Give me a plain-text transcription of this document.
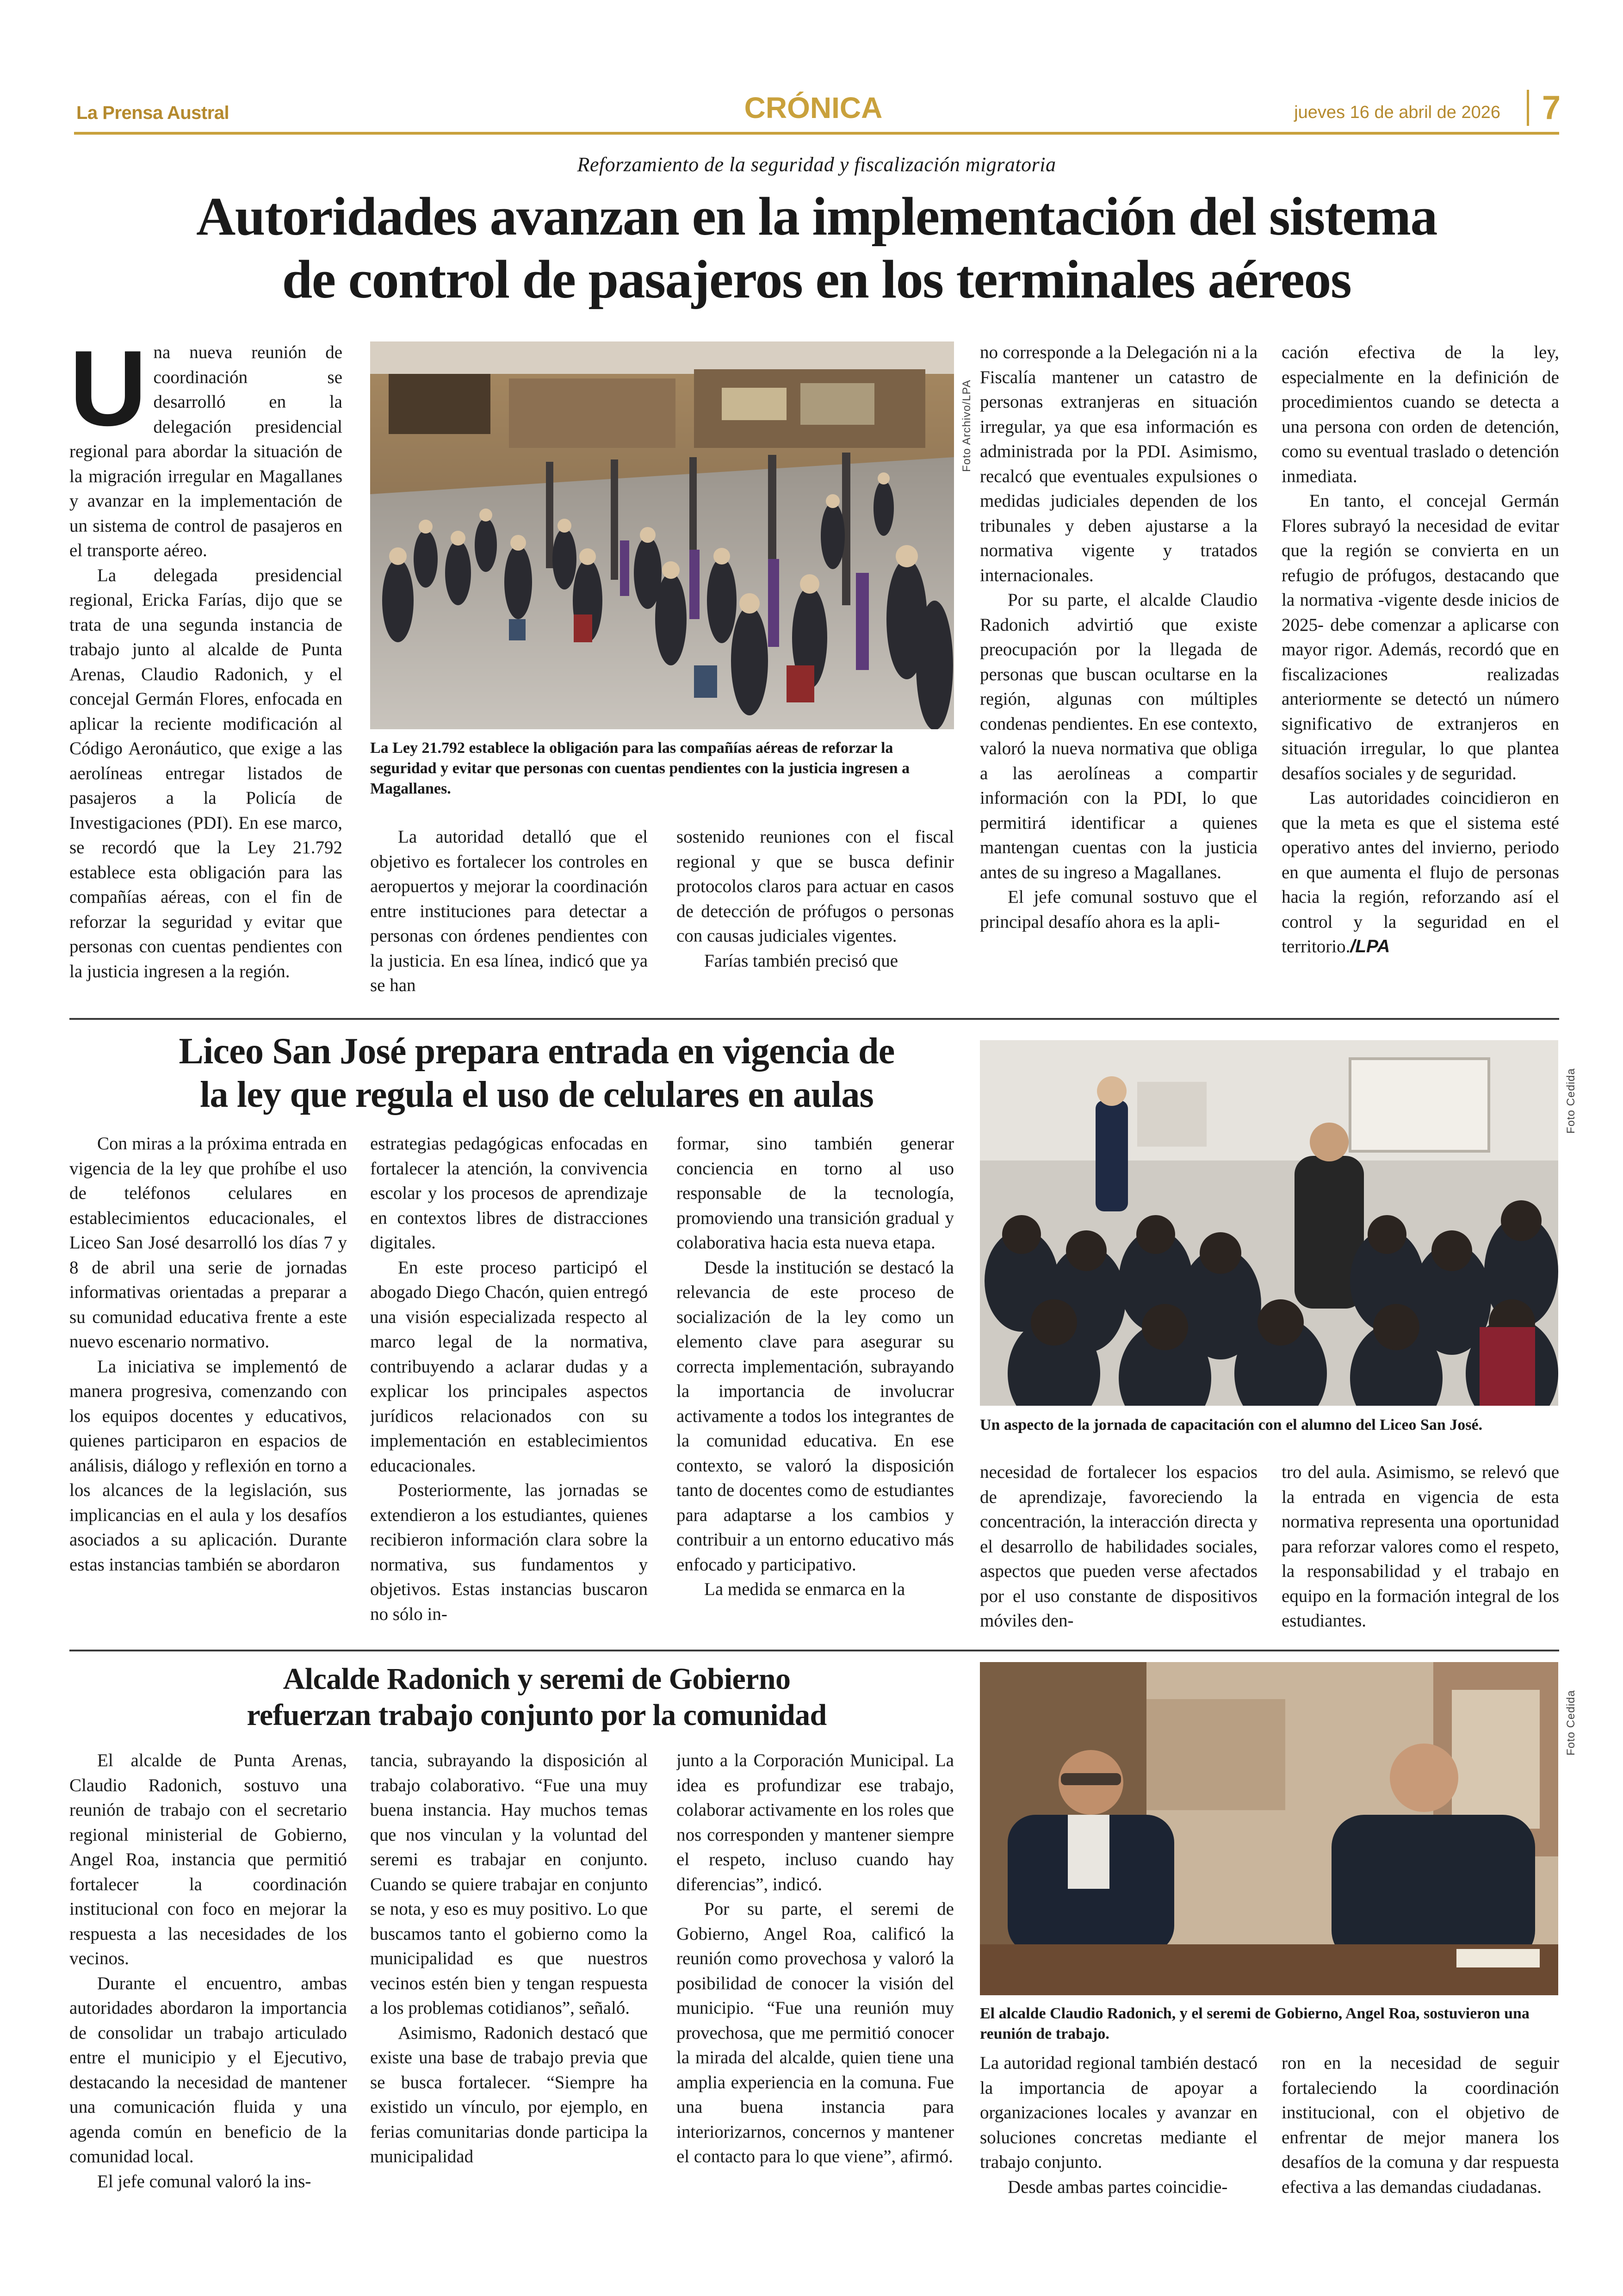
La Prensa Austral	CRÓNICA	jueves 16 de abril de 2026	7
Reforzamiento de la seguridad y fiscalización migratoria
Autoridades avanzan en la implementación del sistema
de control de pasajeros en los terminales aéreos
U na nueva reunión de coordinación se desarrolló en la delegación presidencial regional para abordar la situación de la migración irregular en Magallanes y avanzar en la implementación de un sistema de control de pasajeros en el transporte aéreo.

La delegada presidencial regional, Ericka Farías, dijo que se trata de una segunda instancia de trabajo junto al alcalde de Punta Arenas, Claudio Radonich, y el concejal Germán Flores, enfocada en aplicar la reciente modificación al Código Aeronáutico, que exige a las aerolíneas entregar listados de pasajeros a la Policía de Investigaciones (PDI). En ese marco, se recordó que la Ley 21.792 establece esta obligación para las compañías aéreas, con el fin de reforzar la seguridad y evitar que personas con cuentas pendientes con la justicia ingresen a la región.

Foto Archivo/LPA
La Ley 21.792 establece la obligación para las compañías aéreas de reforzar la seguridad y evitar que personas con cuentas pendientes con la justicia ingresen a Magallanes.

La autoridad detalló que el objetivo es fortalecer los controles en aeropuertos y mejorar la coordinación entre instituciones para detectar a personas con órdenes pendientes con la justicia. En esa línea, indicó que ya se han

sostenido reuniones con el fiscal regional y que se busca definir protocolos claros para actuar en casos de detección de prófugos o personas con causas judiciales vigentes.

Farías también precisó que

no corresponde a la Delegación ni a la Fiscalía mantener un catastro de personas extranjeras en situación irregular, ya que esa información es administrada por la PDI. Asimismo, recalcó que eventuales expulsiones o medidas judiciales dependen de los tribunales y deben ajustarse a la normativa vigente y tratados internacionales.

Por su parte, el alcalde Claudio Radonich advirtió que existe preocupación por la llegada de personas que buscan ocultarse en la región, algunas con múltiples condenas pendientes. En ese contexto, valoró la nueva normativa que obliga a las aerolíneas a compartir información con la PDI, lo que permitirá identificar a quienes mantengan cuentas con la justicia antes de su ingreso a Magallanes.

El jefe comunal sostuvo que el principal desafío ahora es la apli-

cación efectiva de la ley, especialmente en la definición de procedimientos cuando se detecta a una persona con orden de detención, como su eventual traslado o detención inmediata.

En tanto, el concejal Germán Flores subrayó la necesidad de evitar que la región se convierta en un refugio de prófugos, destacando que la normativa -vigente desde inicios de 2025- debe comenzar a aplicarse con mayor rigor. Además, recordó que en fiscalizaciones realizadas anteriormente se detectó un número significativo de extranjeros en situación irregular, lo que plantea desafíos sociales y de seguridad.

Las autoridades coincidieron en que la meta es que el sistema esté operativo antes del invierno, periodo en que aumenta el flujo de personas hacia la región, reforzando así el control y la seguridad en el territorio./LPA

Liceo San José prepara entrada en vigencia de
la ley que regula el uso de celulares en aulas

Con miras a la próxima entrada en vigencia de la ley que prohíbe el uso de teléfonos celulares en establecimientos educacionales, el Liceo San José desarrolló los días 7 y 8 de abril una serie de jornadas informativas orientadas a preparar a su comunidad educativa frente a este nuevo escenario normativo.

La iniciativa se implementó de manera progresiva, comenzando con los equipos docentes y educativos, quienes participaron en espacios de análisis, diálogo y reflexión en torno a los alcances de la legislación, sus implicancias en el aula y los desafíos asociados a su aplicación. Durante estas instancias también se abordaron

estrategias pedagógicas enfocadas en fortalecer la atención, la convivencia escolar y los procesos de aprendizaje en contextos libres de distracciones digitales.

En este proceso participó el abogado Diego Chacón, quien entregó una visión especializada respecto al marco legal de la normativa, contribuyendo a aclarar dudas y a explicar los principales aspectos jurídicos relacionados con su implementación en establecimientos educacionales.

Posteriormente, las jornadas se extendieron a los estudiantes, quienes recibieron información clara sobre la normativa, sus fundamentos y objetivos. Estas instancias buscaron no sólo in-

formar, sino también generar conciencia en torno al uso responsable de la tecnología, promoviendo una transición gradual y colaborativa hacia esta nueva etapa.

Desde la institución se destacó la relevancia de este proceso de socialización de la ley como un elemento clave para asegurar su correcta implementación, subrayando la importancia de involucrar activamente a todos los integrantes de la comunidad educativa. En ese contexto, se valoró la disposición tanto de docentes como de estudiantes para adaptarse a los cambios y contribuir a un entorno educativo más enfocado y participativo.

La medida se enmarca en la

Foto Cedida
Un aspecto de la jornada de capacitación con el alumno del Liceo San José.

necesidad de fortalecer los espacios de aprendizaje, favoreciendo la concentración, la interacción directa y el desarrollo de habilidades sociales, aspectos que pueden verse afectados por el uso constante de dispositivos móviles den-

tro del aula. Asimismo, se relevó que la entrada en vigencia de esta normativa representa una oportunidad para reforzar valores como el respeto, la responsabilidad y el trabajo en equipo en la formación integral de los estudiantes.

Alcalde Radonich y seremi de Gobierno
refuerzan trabajo conjunto por la comunidad

El alcalde de Punta Arenas, Claudio Radonich, sostuvo una reunión de trabajo con el secretario regional ministerial de Gobierno, Angel Roa, instancia que permitió fortalecer la coordinación institucional con foco en mejorar la respuesta a las necesidades de los vecinos.

Durante el encuentro, ambas autoridades abordaron la importancia de consolidar un trabajo articulado entre el municipio y el Ejecutivo, destacando la necesidad de mantener una comunicación fluida y una agenda común en beneficio de la comunidad local.

El jefe comunal valoró la ins-

tancia, subrayando la disposición al trabajo colaborativo. “Fue una muy buena instancia. Hay muchos temas que nos vinculan y la voluntad del seremi es trabajar en conjunto. Cuando se quiere trabajar en conjunto se nota, y eso es muy positivo. Lo que buscamos tanto el gobierno como la municipalidad es que nuestros vecinos estén bien y tengan respuesta a los problemas cotidianos”, señaló.

Asimismo, Radonich destacó que existe una base de trabajo previa que se busca fortalecer. “Siempre ha existido un vínculo, por ejemplo, en ferias comunitarias donde participa la municipalidad

junto a la Corporación Municipal. La idea es profundizar ese trabajo, colaborar activamente en los roles que nos corresponden y mantener siempre el respeto, incluso cuando hay diferencias”, indicó.

Por su parte, el seremi de Gobierno, Angel Roa, calificó la reunión como provechosa y valoró la posibilidad de conocer la visión del municipio. “Fue una reunión muy provechosa, que me permitió conocer la mirada del alcalde, quien tiene una amplia experiencia en la comuna. Fue una buena instancia para interiorizarnos, concernos y mantener el contacto para lo que viene”, afirmó.

Foto Cedida
El alcalde Claudio Radonich, y el seremi de Gobierno, Angel Roa, sostuvieron una reunión de trabajo.

La autoridad regional también destacó la importancia de apoyar a organizaciones locales y avanzar en soluciones concretas mediante el trabajo conjunto.

Desde ambas partes coincidie-

ron en la necesidad de seguir fortaleciendo la coordinación institucional, con el objetivo de enfrentar de mejor manera los desafíos de la comuna y dar respuesta efectiva a las demandas ciudadanas.
